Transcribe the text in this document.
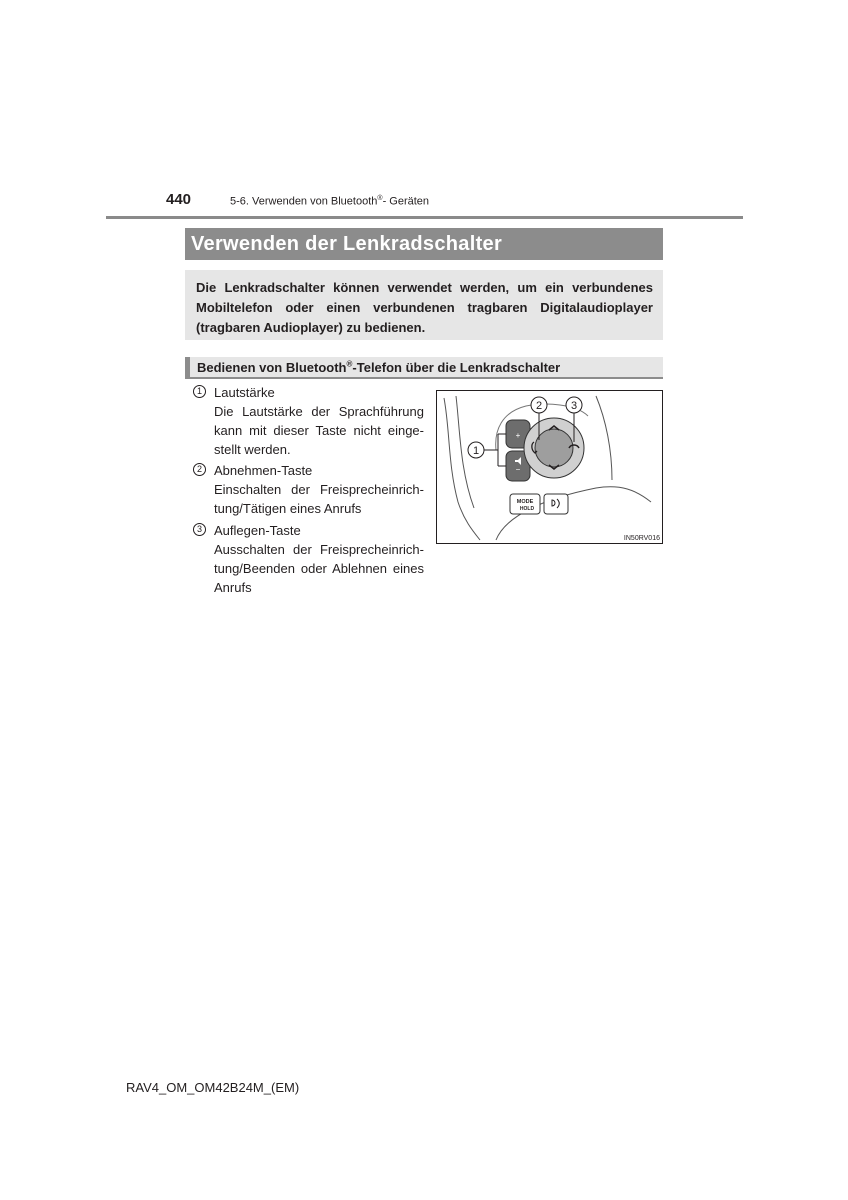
440	5-6. Verwenden von Bluetooth®- Geräten
Verwenden der Lenkradschalter
Die Lenkradschalter können verwendet werden, um ein verbundenes Mobiltelefon oder einen verbundenen tragbaren Digitalaudioplayer (tragbaren Audioplayer) zu bedienen.
Bedienen von Bluetooth®-Telefon über die Lenkradschalter
1 Lautstärke
Die Lautstärke der Sprachführung kann mit dieser Taste nicht eingestellt werden.
2 Abnehmen-Taste
Einschalten der Freisprecheinrichtung/Tätigen eines Anrufs
3 Auflegen-Taste
Ausschalten der Freisprecheinrichtung/Beenden oder Ablehnen eines Anrufs
+
−
MODE
HOLD
1
2	3
IN50RV016
RAV4_OM_OM42B24M_(EM)
